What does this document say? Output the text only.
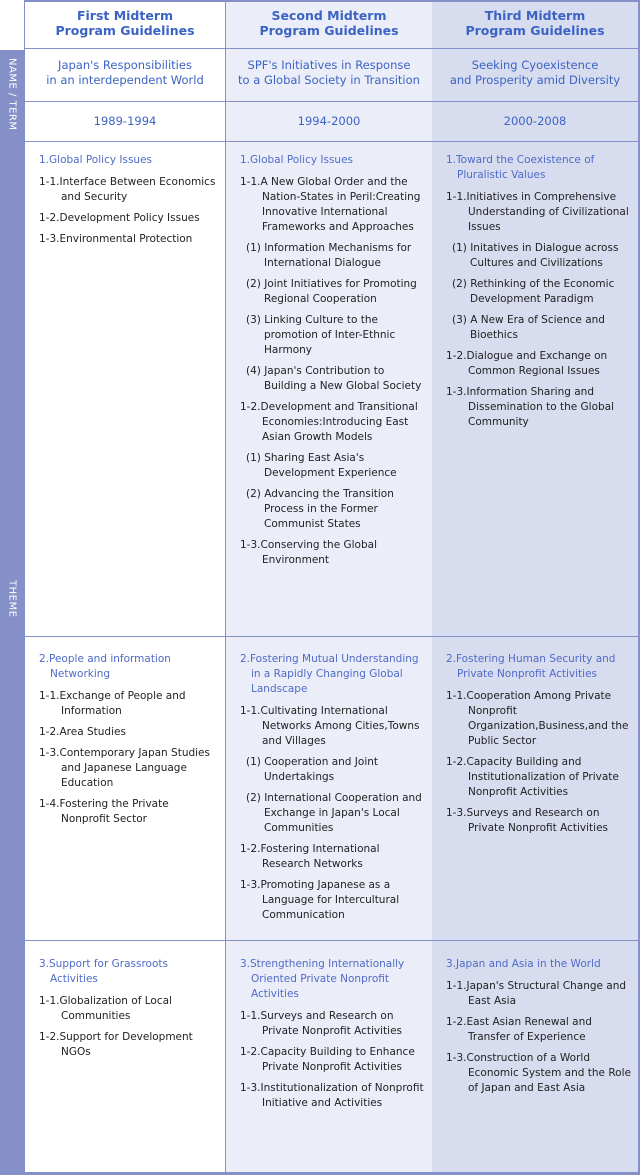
NAME / TERM
THEME
First Midterm
Program Guidelines
Japan's Responsibilities
in an interdependent World
1989-1994
1.Global Policy Issues
1-1.Interface Between Economics and Security
1-2.Development Policy Issues
1-3.Environmental Protection
2.People and information Networking
1-1.Exchange of People and Information
1-2.Area Studies
1-3.Contemporary Japan Studies and Japanese Language Education
1-4.Fostering the Private Nonprofit Sector
3.Support for Grassroots Activities
1-1.Globalization of Local Communities
1-2.Support for Development NGOs
Second Midterm
Program Guidelines
SPF's Initiatives in Response
to a Global Society in Transition
1994-2000
1.Global Policy Issues
1-1.A New Global Order and the Nation-States in Peril:Creating Innovative International Frameworks and Approaches
(1) Information Mechanisms for International Dialogue
(2) Joint Initiatives for Promoting Regional Cooperation
(3) Linking Culture to the promotion of Inter-Ethnic Harmony
(4) Japan's Contribution to Building a New Global Society
1-2.Development and Transitional Economies:Introducing East Asian Growth Models
(1) Sharing East Asia's Development Experience
(2) Advancing the Transition Process in the Former Communist States
1-3.Conserving the Global Environment
2.Fostering Mutual Understanding in a Rapidly Changing Global Landscape
1-1.Cultivating International Networks Among Cities,Towns and Villages
(1) Cooperation and Joint Undertakings
(2) International Cooperation and Exchange in Japan's Local Communities
1-2.Fostering International Research Networks
1-3.Promoting Japanese as a Language for Intercultural Communication
3.Strengthening Internationally Oriented Private Nonprofit Activities
1-1.Surveys and Research on Private Nonprofit Activities
1-2.Capacity Building to Enhance Private Nonprofit Activities
1-3.Institutionalization of Nonprofit Initiative and Activities
Third Midterm
Program Guidelines
Seeking Cyoexistence
and Prosperity amid Diversity
2000-2008
1.Toward the Coexistence of Pluralistic Values
1-1.Initiatives in Comprehensive Understanding of Civilizational Issues
(1) Initatives in Dialogue across Cultures and Civilizations
(2) Rethinking of the Economic Development Paradigm
(3) A New Era of Science and Bioethics
1-2.Dialogue and Exchange on Common Regional Issues
1-3.Information Sharing and Dissemination to the Global Community
2.Fostering Human Security and Private Nonprofit Activities
1-1.Cooperation Among Private Nonprofit Organization,Business,and the Public Sector
1-2.Capacity Building and Institutionalization of Private Nonprofit Activities
1-3.Surveys and Research on Private Nonprofit Activities
3.Japan and Asia in the World
1-1.Japan's Structural Change and East Asia
1-2.East Asian Renewal and Transfer of Experience
1-3.Construction of a World Economic System and the Role of Japan and East Asia
